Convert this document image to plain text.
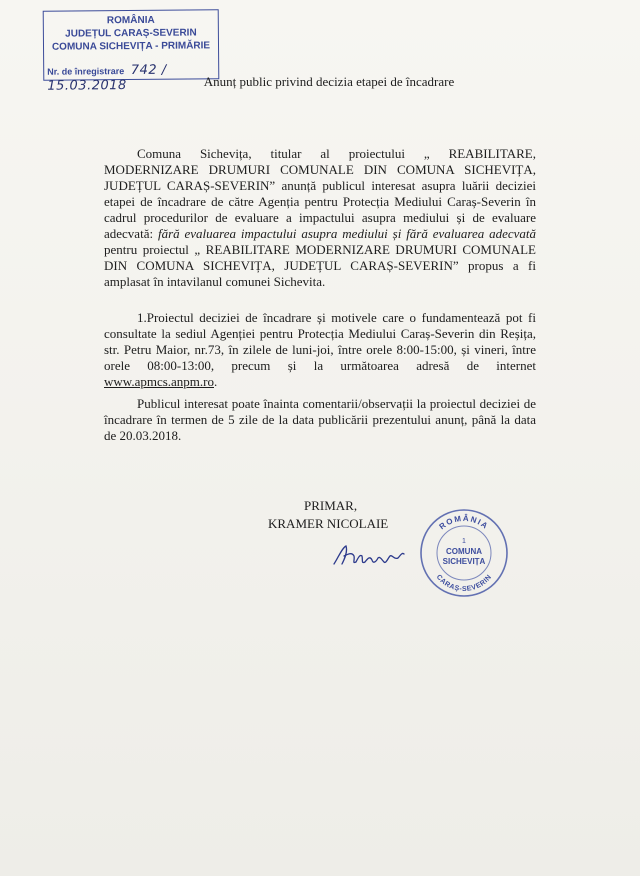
ROMÂNIA
JUDEȚUL CARAȘ-SEVERIN
COMUNA SICHEVIȚA - PRIMĂRIE
Nr. de înregistrare 742 / 15.03.2018	Anunț public privind decizia etapei de încadrare
Comuna Sichevița, titular al proiectului „ REABILITARE, MODERNIZARE DRUMURI COMUNALE DIN COMUNA SICHEVIȚA, JUDEȚUL CARAȘ-SEVERIN” anunță publicul interesat asupra luării deciziei etapei de încadrare de către Agenția pentru Protecția Mediului Caraș-Severin în cadrul procedurilor de evaluare a impactului asupra mediului și de evaluare adecvată: fără evaluarea impactului asupra mediului și fără evaluarea adecvată pentru proiectul „ REABILITARE MODERNIZARE DRUMURI COMUNALE DIN COMUNA SICHEVIȚA, JUDEȚUL CARAȘ-SEVERIN” propus a fi amplasat în intavilanul comunei Sichevita.
1.Proiectul deciziei de încadrare și motivele care o fundamentează pot fi consultate la sediul Agenției pentru Protecția Mediului Caraș-Severin din Reșița, str. Petru Maior, nr.73, în zilele de luni-joi, între orele 8:00-15:00, și vineri, între orele 08:00-13:00, precum și la următoarea adresă de internet www.apmcs.anpm.ro.
Publicul interesat poate înainta comentarii/observații la proiectul deciziei de încadrare în termen de 5 zile de la data publicării prezentului anunț, până la data de 20.03.2018.
PRIMAR,
KRAMER NICOLAIE	ROMÂNIA
CARAȘ-SEVERIN
1
COMUNA
SICHEVIȚA
